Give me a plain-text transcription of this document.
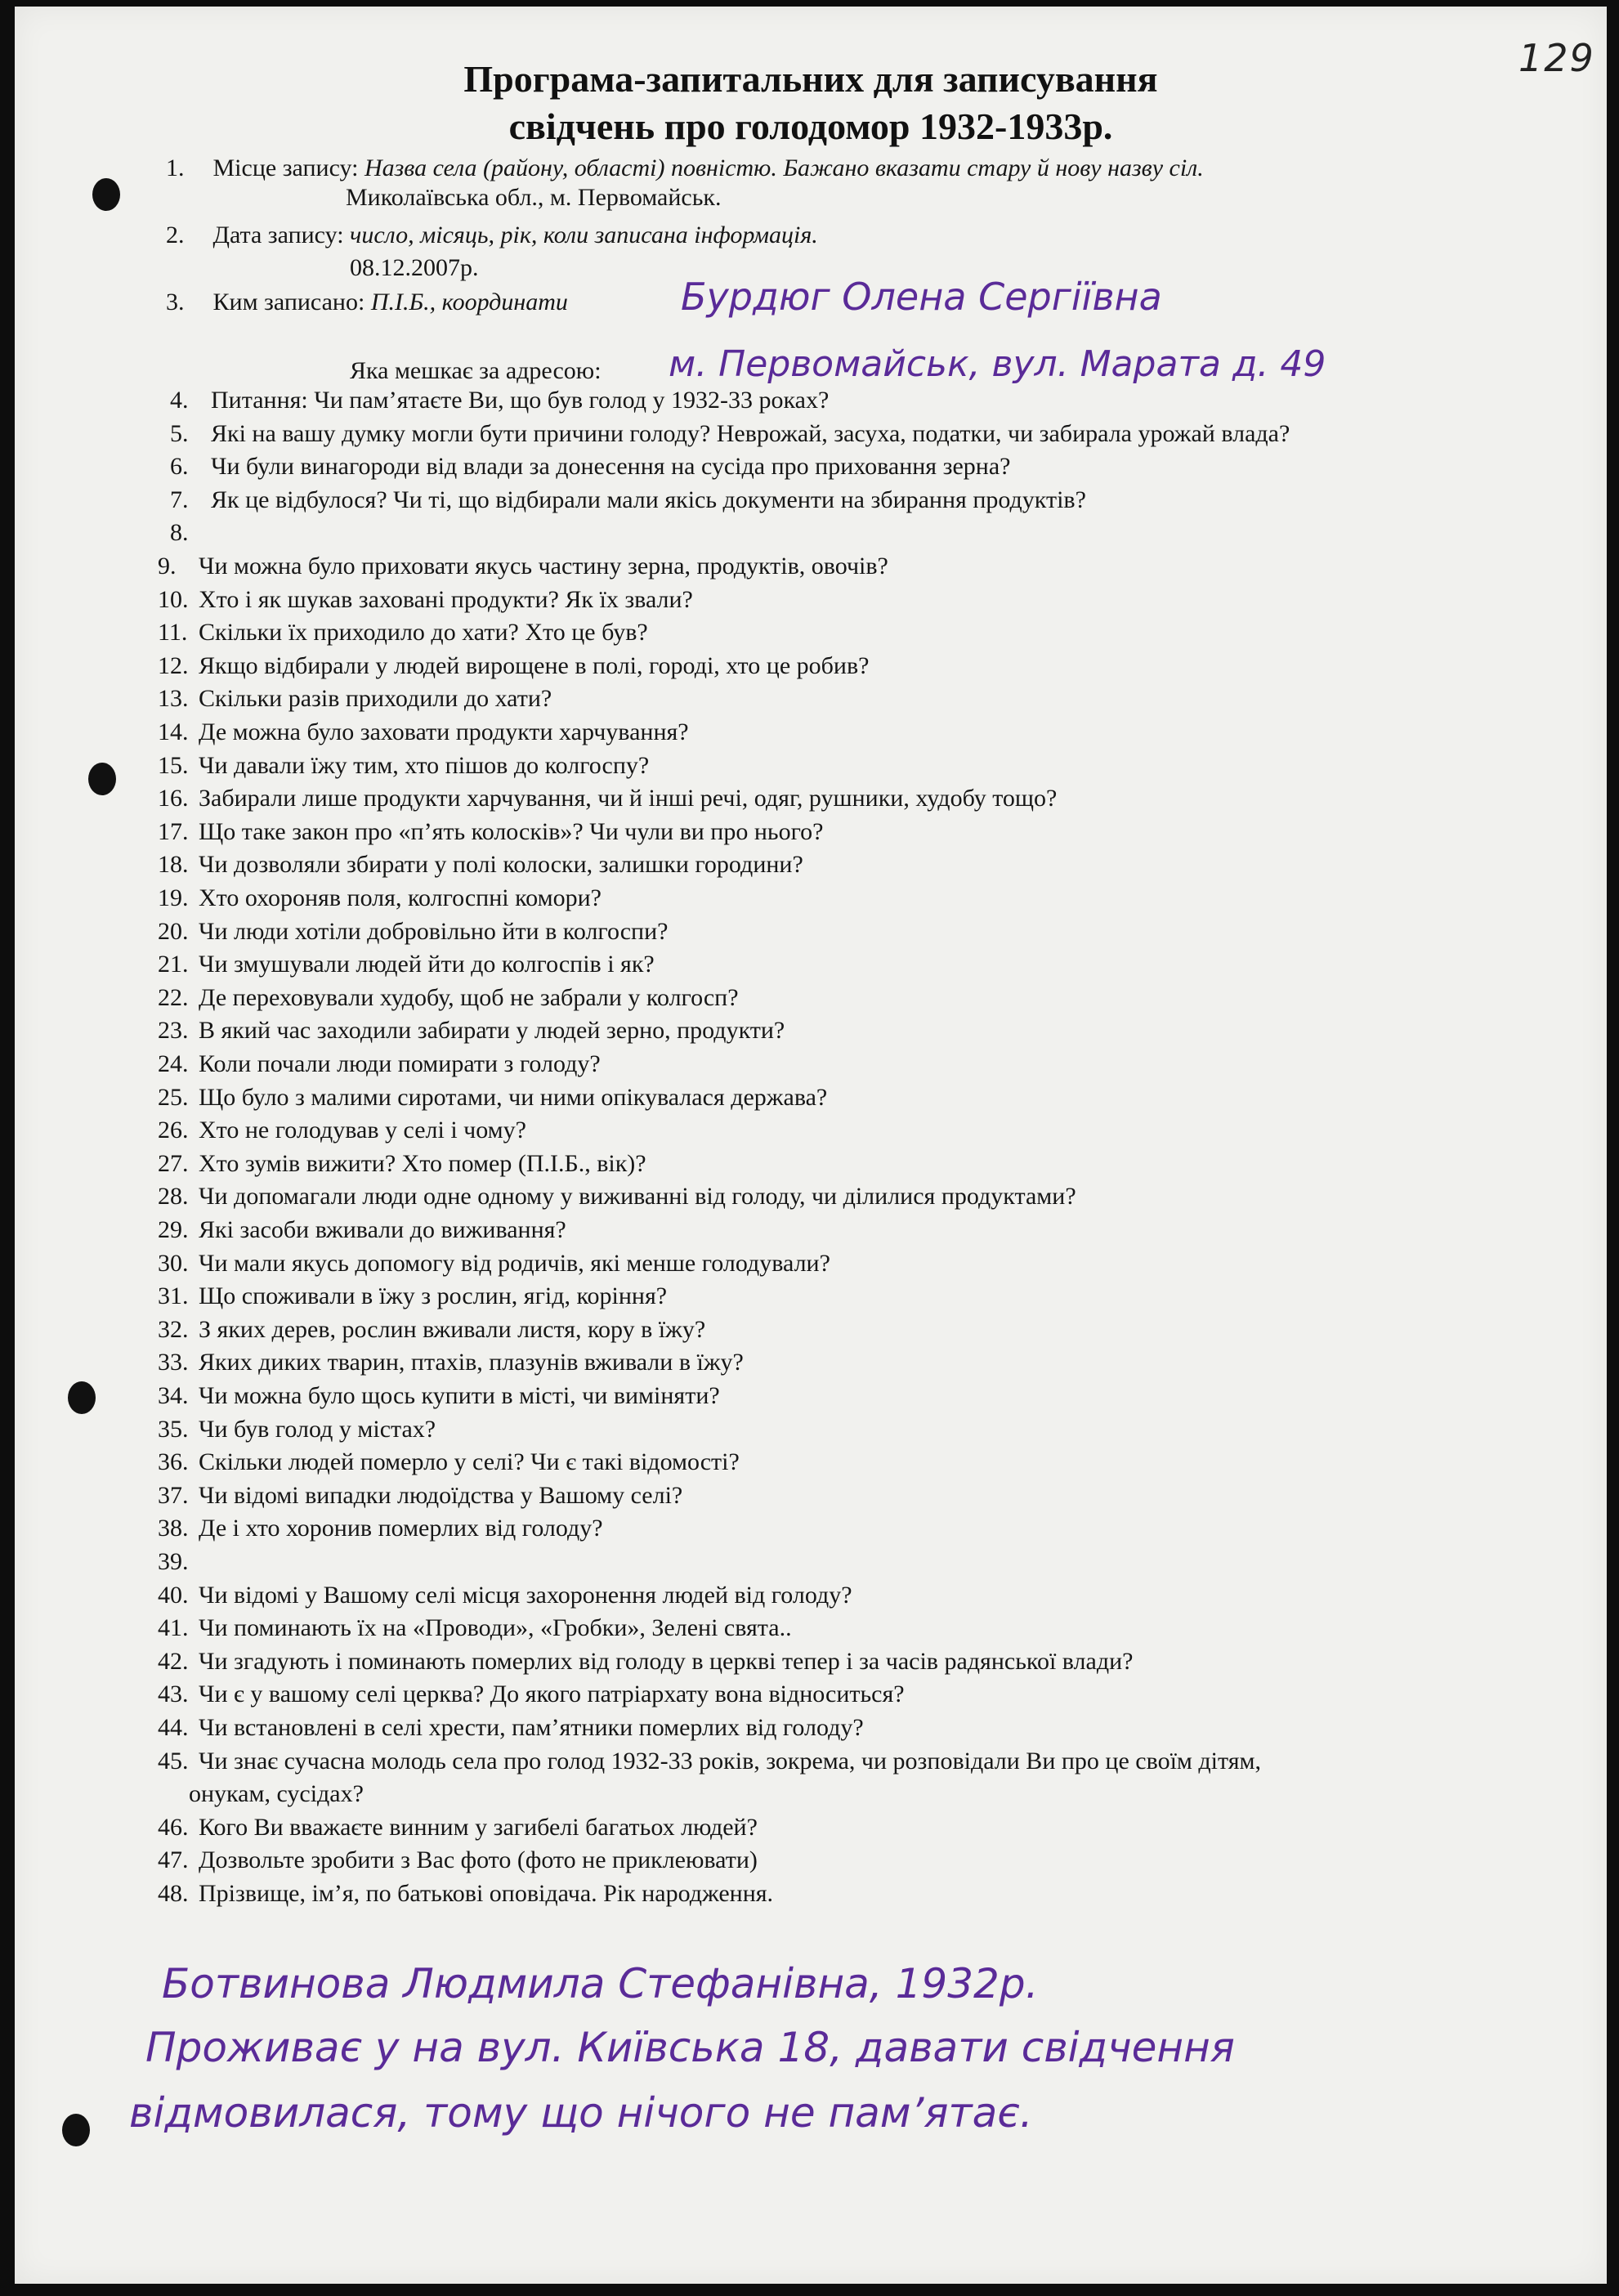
129
Програма-запитальних для записування
свідчень про голодомор 1932-1933р.
1. Місце запису: Назва села (району, області) повністю. Бажано вказати стару й нову назву сіл.
Миколаївська обл., м. Первомайськ.
2. Дата запису: число, місяць, рік, коли записана інформація.
08.12.2007р.
3. Ким записано: П.І.Б., координати	Бурдюг Олена Сергіївна
Яка мешкає за адресою: м. Первомайськ, вул. Марата д. 49
4. Питання: Чи пам’ятаєте Ви, що був голод у 1932-33 роках?
5. Які на вашу думку могли бути причини голоду? Неврожай, засуха, податки, чи забирала урожай влада?
6. Чи були винагороди від влади за донесення на сусіда про приховання зерна?
7. Як це відбулося? Чи ті, що відбирали мали якісь документи на збирання продуктів?
8.
9. Чи можна було приховати якусь частину зерна, продуктів, овочів?
10. Хто і як шукав заховані продукти? Як їх звали?
11. Скільки їх приходило до хати? Хто це був?
12. Якщо відбирали у людей вирощене в полі, городі, хто це робив?
13. Скільки разів приходили до хати?
14. Де можна було заховати продукти харчування?
15. Чи давали їжу тим, хто пішов до колгоспу?
16. Забирали лише продукти харчування, чи й інші речі, одяг, рушники, худобу тощо?
17. Що таке закон про «п’ять колосків»? Чи чули ви про нього?
18. Чи дозволяли збирати у полі колоски, залишки городини?
19. Хто охороняв поля, колгоспні комори?
20. Чи люди хотіли добровільно йти в колгоспи?
21. Чи змушували людей йти до колгоспів і як?
22. Де переховували худобу, щоб не забрали у колгосп?
23. В який час заходили забирати у людей зерно, продукти?
24. Коли почали люди помирати з голоду?
25. Що було з малими сиротами, чи ними опікувалася держава?
26. Хто не голодував у селі і чому?
27. Хто зумів вижити? Хто помер (П.І.Б., вік)?
28. Чи допомагали люди одне одному у виживанні від голоду, чи ділилися продуктами?
29. Які засоби вживали до виживання?
30. Чи мали якусь допомогу від родичів, які менше голодували?
31. Що споживали в їжу з рослин, ягід, коріння?
32. З яких дерев, рослин вживали листя, кору в їжу?
33. Яких диких тварин, птахів, плазунів вживали в їжу?
34. Чи можна було щось купити в місті, чи виміняти?
35. Чи був голод у містах?
36. Скільки людей померло у селі? Чи є такі відомості?
37. Чи відомі випадки людоїдства у Вашому селі?
38. Де і хто хоронив померлих від голоду?
39.
40. Чи відомі у Вашому селі місця захоронення людей від голоду?
41. Чи поминають їх на «Проводи», «Гробки», Зелені свята..
42. Чи згадують і поминають померлих від голоду в церкві тепер і за часів радянської влади?
43. Чи є у вашому селі церква? До якого патріархату вона відноситься?
44. Чи встановлені в селі хрести, пам’ятники померлих від голоду?
45. Чи знає сучасна молодь села про голод 1932-33 років, зокрема, чи розповідали Ви про це своїм дітям,
онукам, сусідах?
46. Кого Ви вважаєте винним у загибелі багатьох людей?
47. Дозвольте зробити з Вас фото (фото не приклеювати)
48. Прізвище, ім’я, по батькові оповідача. Рік народження.
Ботвинова Людмила Стефанівна, 1932р.
Проживає у на вул. Київська 18, давати свідчення
відмовилася, тому що нічого не пам’ятає.
